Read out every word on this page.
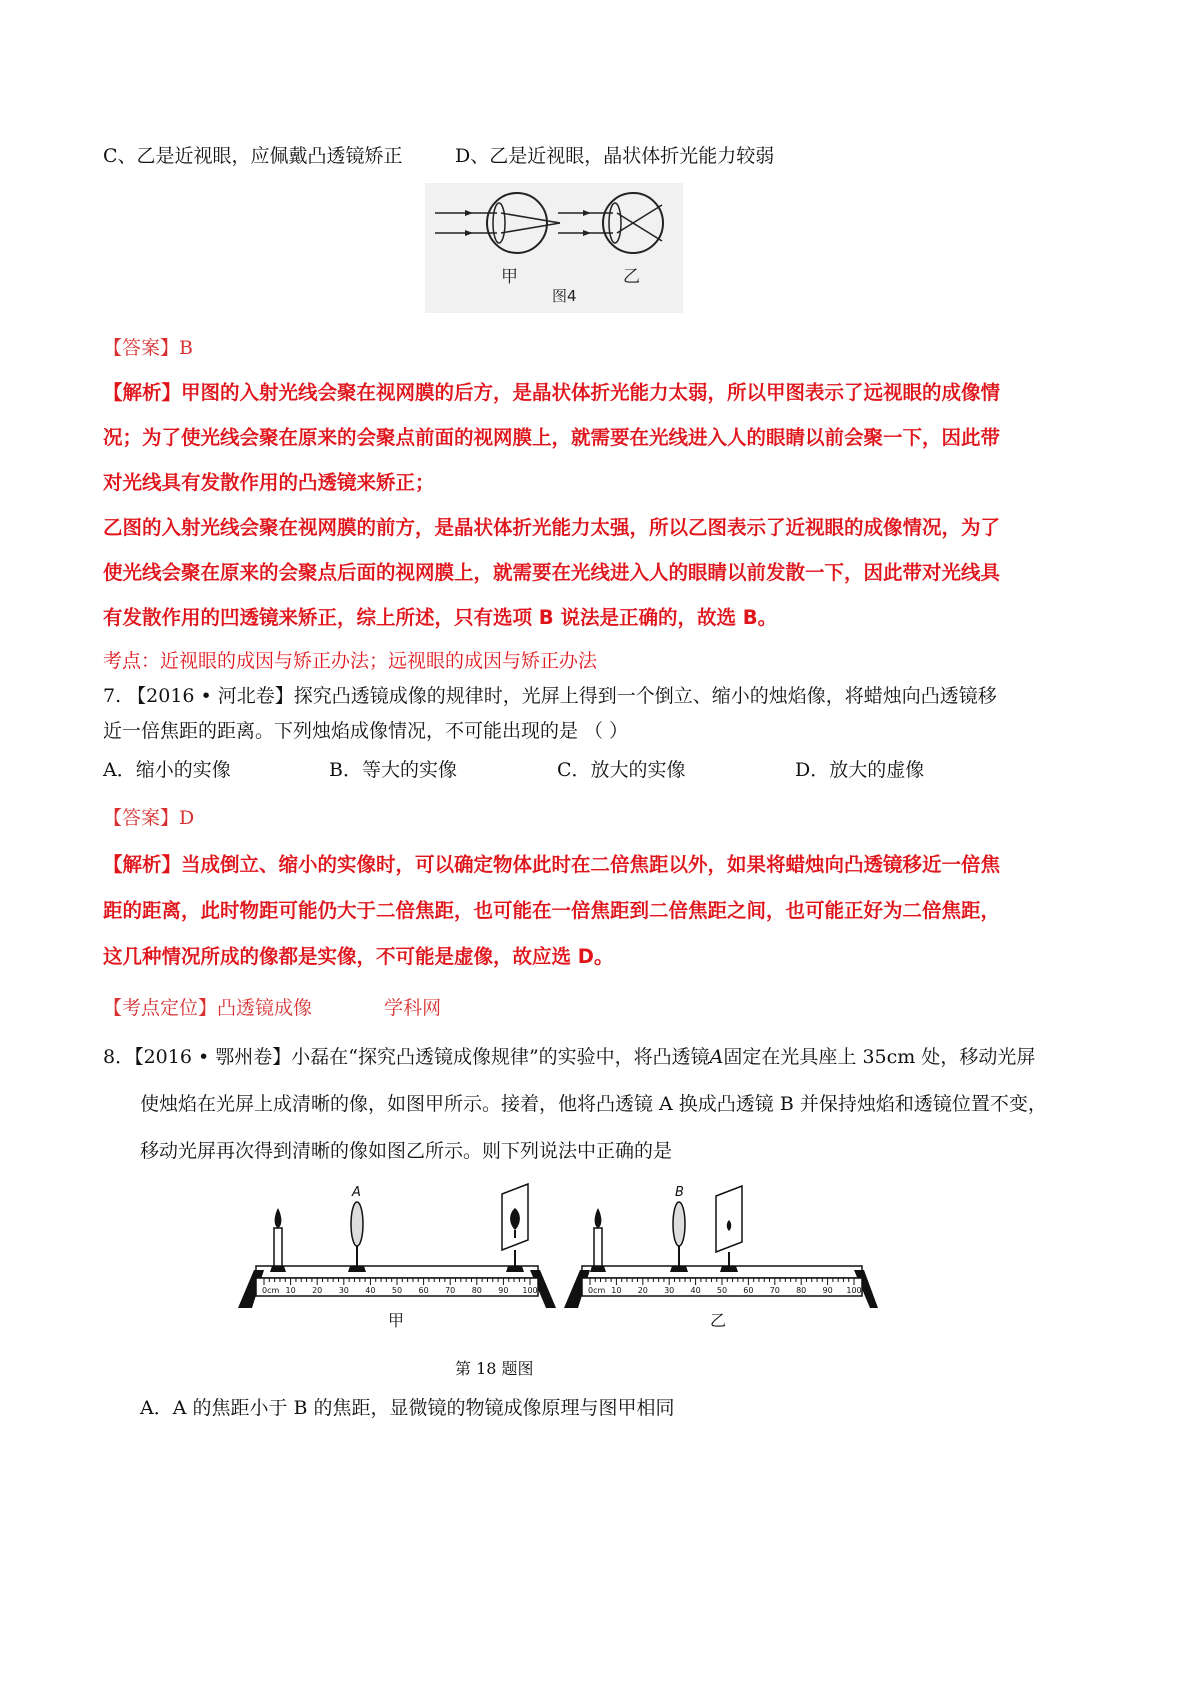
C、乙是近视眼，应佩戴凸透镜矫正	D、乙是近视眼，晶状体折光能力较弱
甲	乙
图4
【答案】B
【解析】甲图的入射光线会聚在视网膜的后方，是晶状体折光能力太弱，所以甲图表示了远视眼的成像情
况；为了使光线会聚在原来的会聚点前面的视网膜上，就需要在光线进入人的眼睛以前会聚一下，因此带
对光线具有发散作用的凸透镜来矫正；
乙图的入射光线会聚在视网膜的前方，是晶状体折光能力太强，所以乙图表示了近视眼的成像情况，为了
使光线会聚在原来的会聚点后面的视网膜上，就需要在光线进入人的眼睛以前发散一下，因此带对光线具
有发散作用的凹透镜来矫正，综上所述，只有选项 B 说法是正确的，故选 B。
考点：近视眼的成因与矫正办法；远视眼的成因与矫正办法
7. 【2016 • 河北卷】探究凸透镜成像的规律时，光屏上得到一个倒立、缩小的烛焰像，将蜡烛向凸透镜移
近一倍焦距的距离。下列烛焰成像情况，不可能出现的是 （ ）
A．缩小的实像	B．等大的实像	C．放大的实像	D．放大的虚像
【答案】D
【解析】当成倒立、缩小的实像时，可以确定物体此时在二倍焦距以外，如果将蜡烛向凸透镜移近一倍焦
距的距离，此时物距可能仍大于二倍焦距，也可能在一倍焦距到二倍焦距之间，也可能正好为二倍焦距，
这几种情况所成的像都是实像，不可能是虚像，故应选 D。
【考点定位】凸透镜成像	学科网
8．【2016 • 鄂州卷】小磊在“探究凸透镜成像规律”的实验中，将凸透镜A固定在光具座上 35cm 处，移动光屏
使烛焰在光屏上成清晰的像，如图甲所示。接着，他将凸透镜 A 换成凸透镜 B 并保持烛焰和透镜位置不变，
移动光屏再次得到清晰的像如图乙所示。则下列说法中正确的是
A
0cm 10 20 30 40 50 60 70 80 90 100
B
0cm 10 20 30 40 50 60 70 80 90 100
甲	乙
第 18 题图
A．A 的焦距小于 B 的焦距，显微镜的物镜成像原理与图甲相同
